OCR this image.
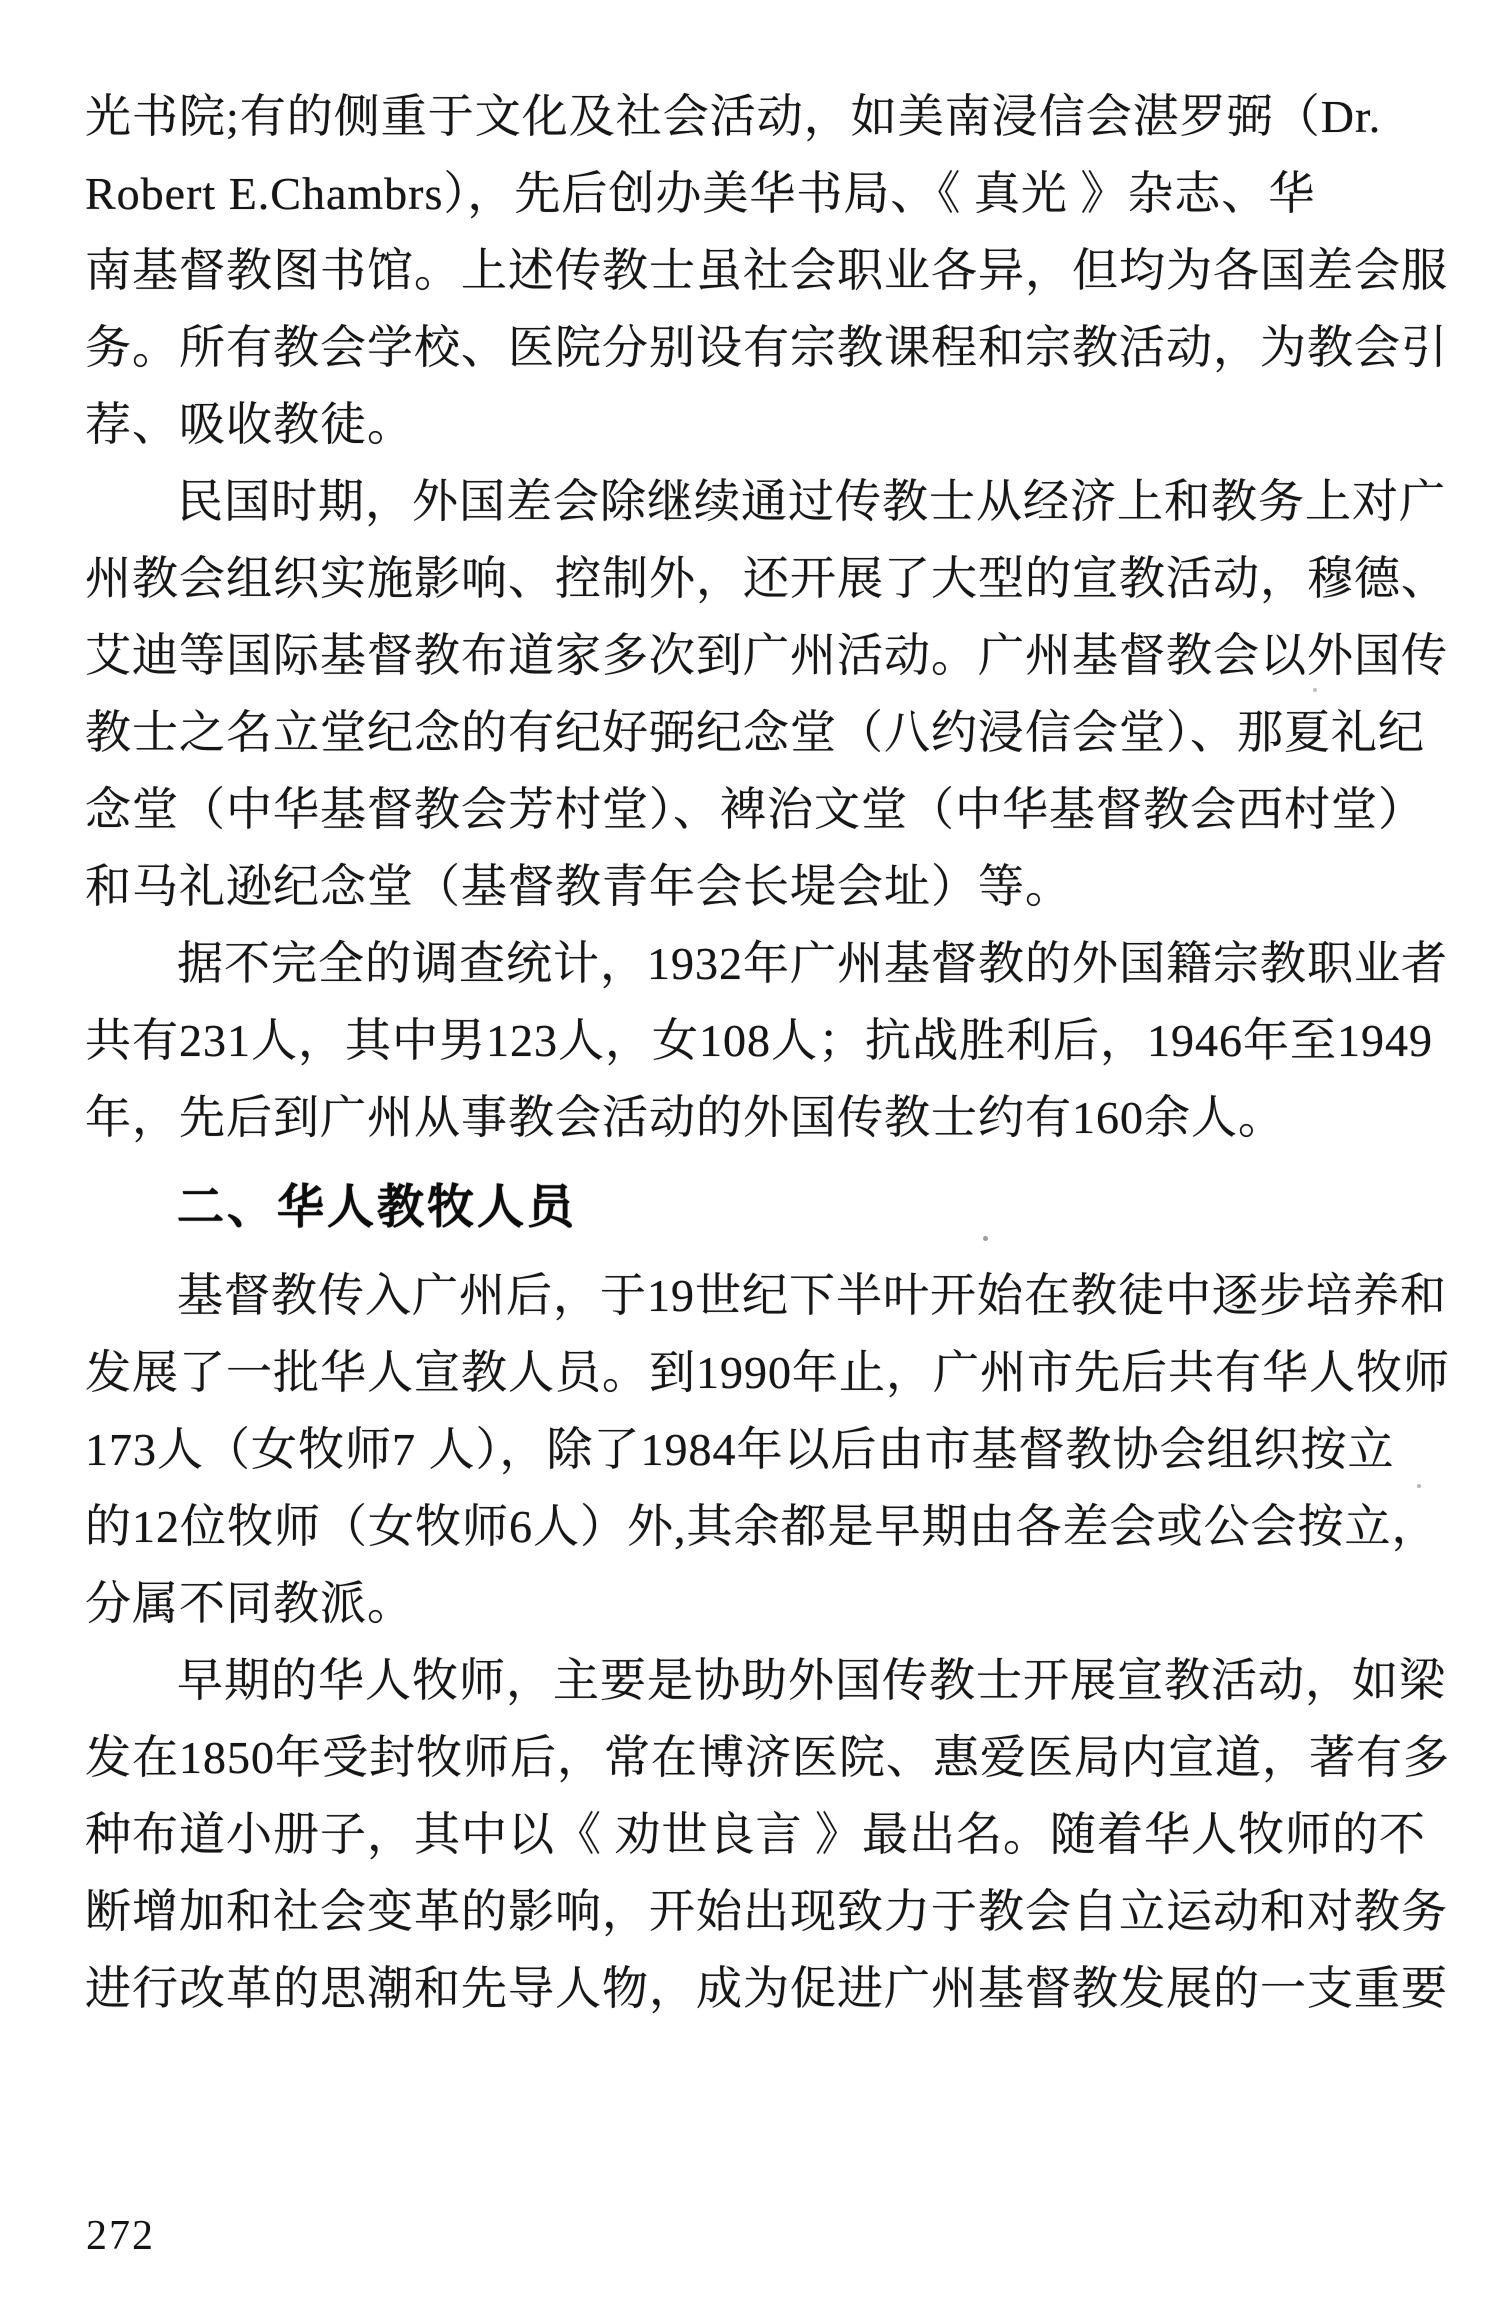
光书院;有的侧重于文化及社会活动，如美南浸信会湛罗弼（Dr.
Robert E.Chambrs），先后创办美华书局、《 真光 》杂志、华
南基督教图书馆。上述传教士虽社会职业各异，但均为各国差会服
务。所有教会学校、医院分别设有宗教课程和宗教活动，为教会引
荐、吸收教徒。
民国时期，外国差会除继续通过传教士从经济上和教务上对广
州教会组织实施影响、控制外，还开展了大型的宣教活动，穆德、
艾迪等国际基督教布道家多次到广州活动。广州基督教会以外国传
教士之名立堂纪念的有纪好弼纪念堂（八约浸信会堂）、那夏礼纪
念堂（中华基督教会芳村堂）、裨治文堂（中华基督教会西村堂）
和马礼逊纪念堂（基督教青年会长堤会址）等。
据不完全的调查统计，1932年广州基督教的外国籍宗教职业者
共有231人，其中男123人，女108人；抗战胜利后，1946年至1949
年，先后到广州从事教会活动的外国传教士约有160余人。
二、华人教牧人员
基督教传入广州后，于19世纪下半叶开始在教徒中逐步培养和
发展了一批华人宣教人员。到1990年止，广州市先后共有华人牧师
173人（女牧师7 人），除了1984年以后由市基督教协会组织按立
的12位牧师（女牧师6人）外,其余都是早期由各差会或公会按立，
分属不同教派。
早期的华人牧师，主要是协助外国传教士开展宣教活动，如梁
发在1850年受封牧师后，常在博济医院、惠爱医局内宣道，著有多
种布道小册子，其中以《 劝世良言 》最出名。随着华人牧师的不
断增加和社会变革的影响，开始出现致力于教会自立运动和对教务
进行改革的思潮和先导人物，成为促进广州基督教发展的一支重要
272
